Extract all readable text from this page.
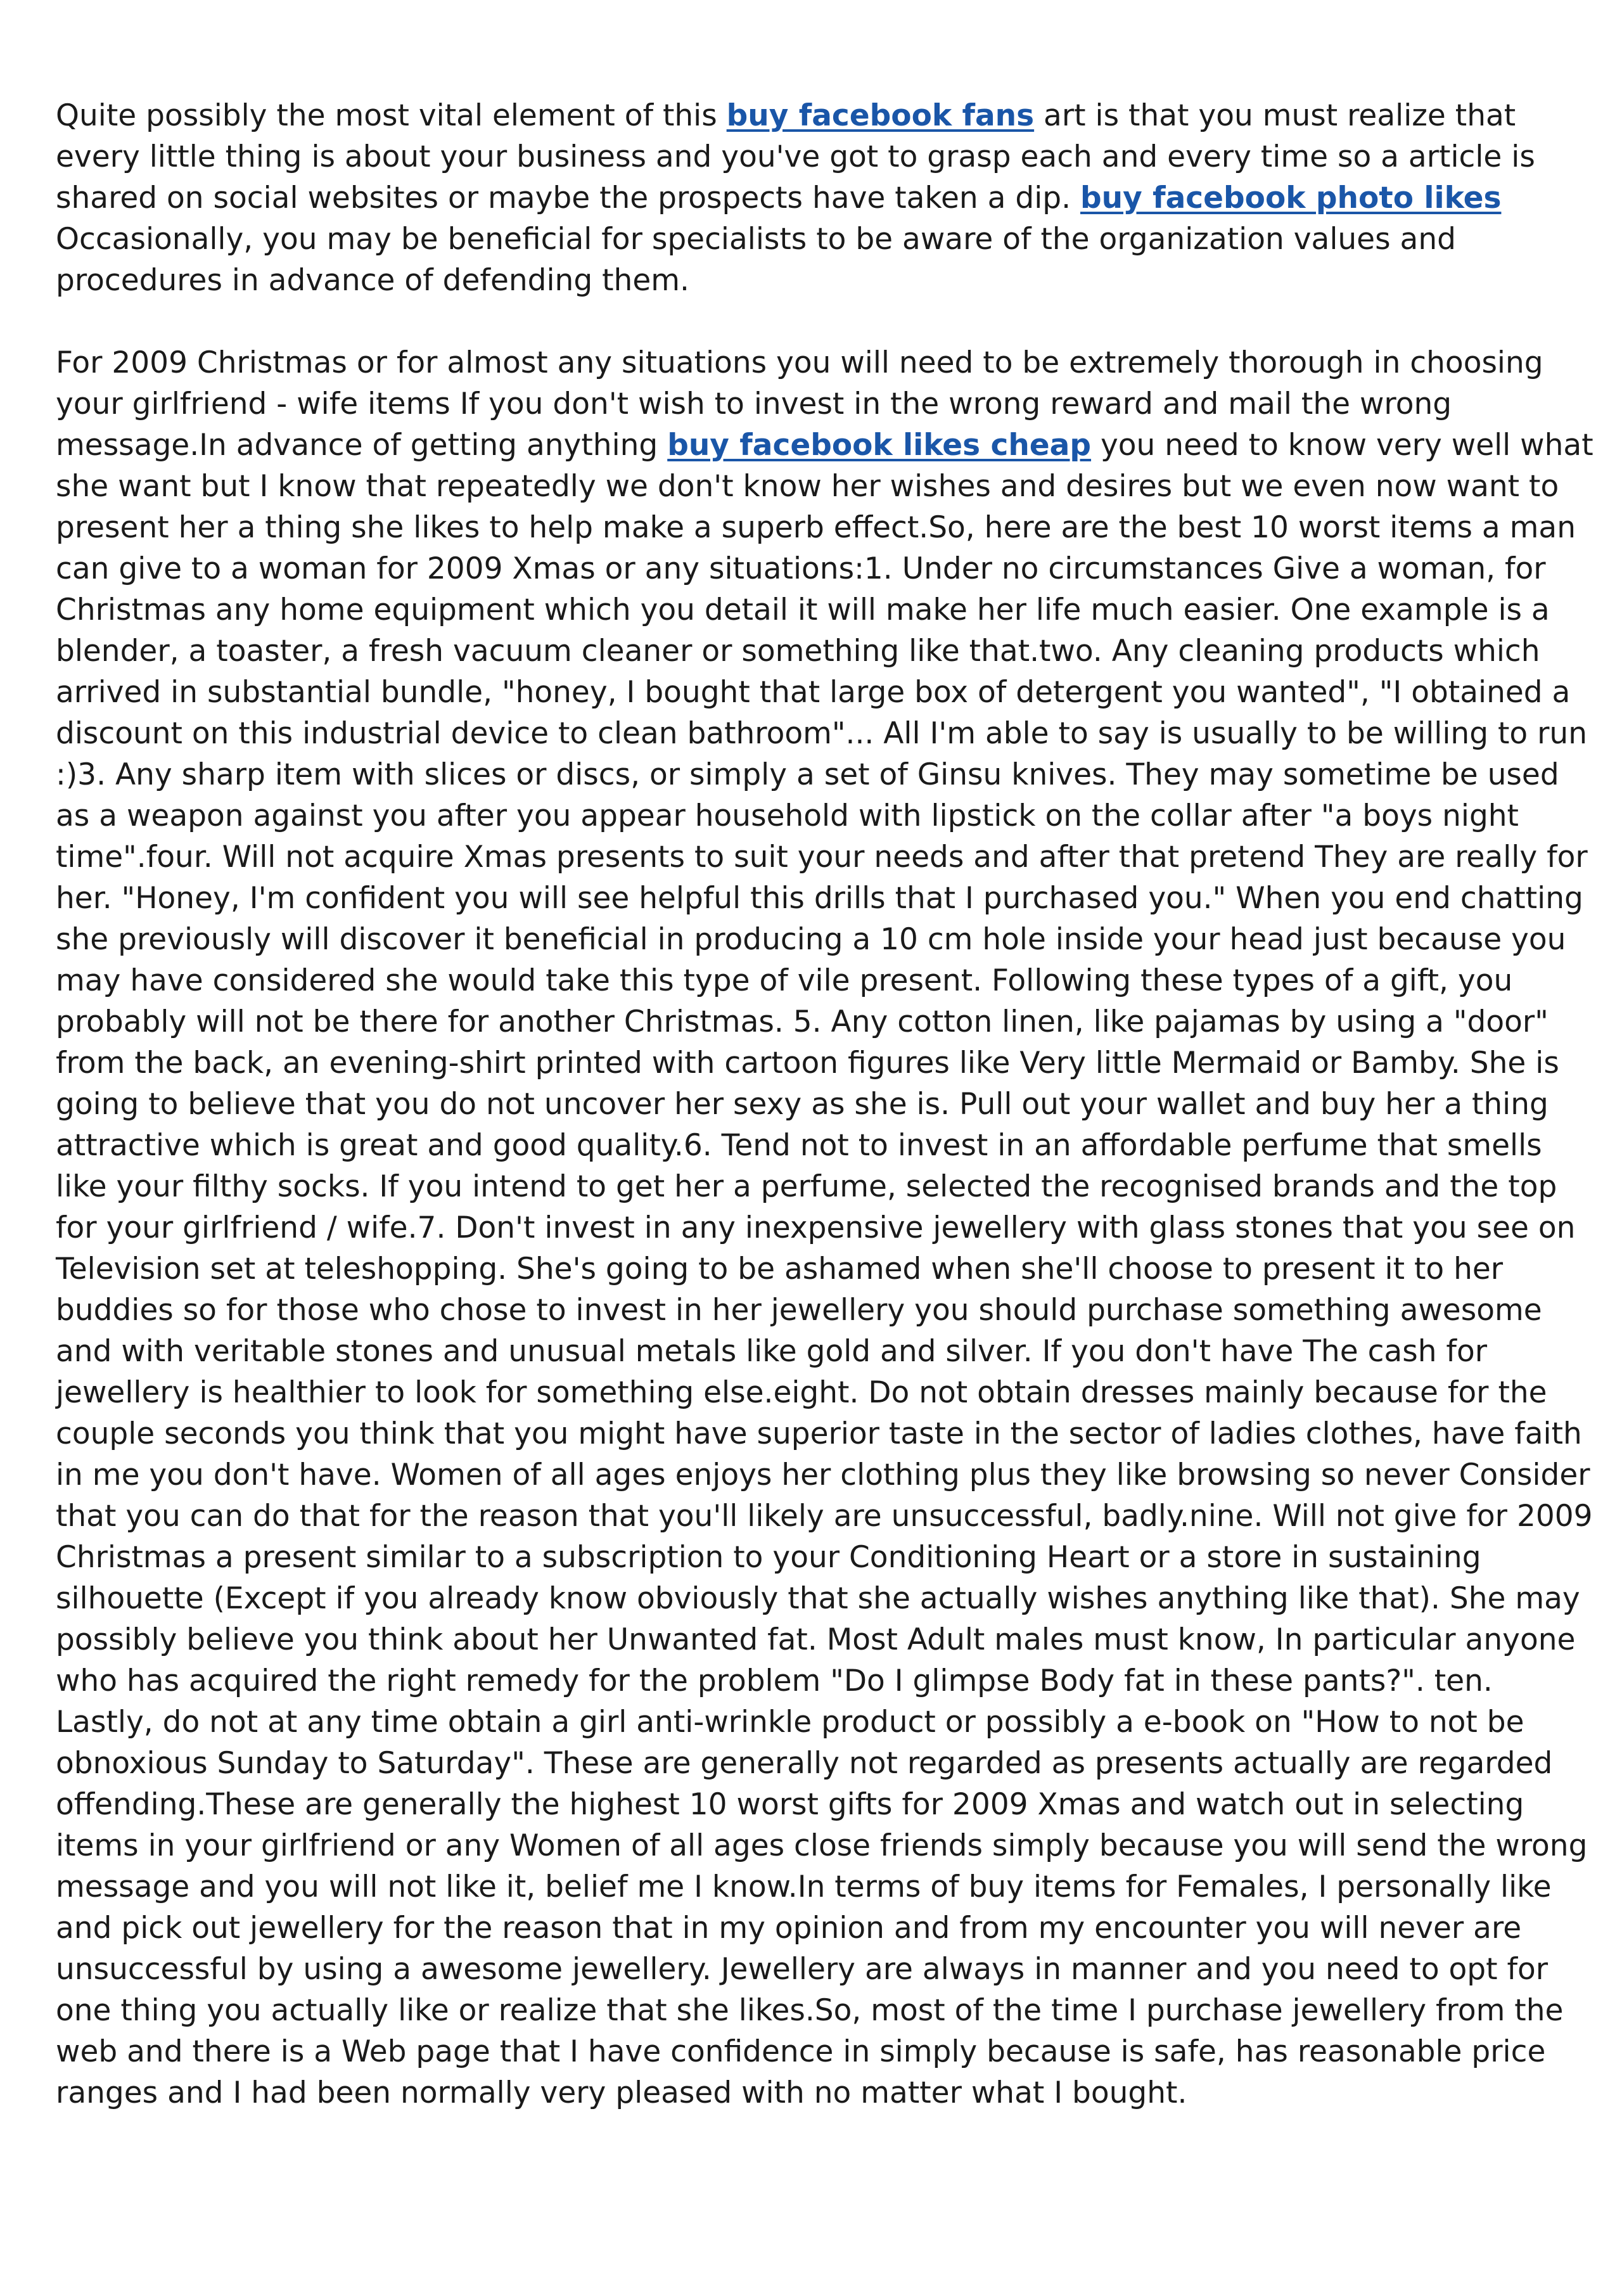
Quite possibly the most vital element of this buy facebook fans art is that you must realize that every little thing is about your business and you've got to grasp each and every time so a article is shared on social websites or maybe the prospects have taken a dip. buy facebook photo likes Occasionally, you may be beneficial for specialists to be aware of the organization values and procedures in advance of defending them.

For 2009 Christmas or for almost any situations you will need to be extremely thorough in choosing your girlfriend - wife items If you don't wish to invest in the wrong reward and mail the wrong message.In advance of getting anything buy facebook likes cheap you need to know very well what she want but I know that repeatedly we don't know her wishes and desires but we even now want to present her a thing she likes to help make a superb effect.So, here are the best 10 worst items a man can give to a woman for 2009 Xmas or any situations:1. Under no circumstances Give a woman, for Christmas any home equipment which you detail it will make her life much easier. One example is a blender, a toaster, a fresh vacuum cleaner or something like that.two. Any cleaning products which arrived in substantial bundle, "honey, I bought that large box of detergent you wanted", "I obtained a discount on this industrial device to clean bathroom"... All I'm able to say is usually to be willing to run :)3. Any sharp item with slices or discs, or simply a set of Ginsu knives. They may sometime be used as a weapon against you after you appear household with lipstick on the collar after "a boys night time".four. Will not acquire Xmas presents to suit your needs and after that pretend They are really for her. "Honey, I'm confident you will see helpful this drills that I purchased you." When you end chatting she previously will discover it beneficial in producing a 10 cm hole inside your head just because you may have considered she would take this type of vile present. Following these types of a gift, you probably will not be there for another Christmas. 5. Any cotton linen, like pajamas by using a "door" from the back, an evening-shirt printed with cartoon figures like Very little Mermaid or Bamby. She is going to believe that you do not uncover her sexy as she is. Pull out your wallet and buy her a thing attractive which is great and good quality.6. Tend not to invest in an affordable perfume that smells like your filthy socks. If you intend to get her a perfume, selected the recognised brands and the top for your girlfriend / wife.7. Don't invest in any inexpensive jewellery with glass stones that you see on Television set at teleshopping. She's going to be ashamed when she'll choose to present it to her buddies so for those who chose to invest in her jewellery you should purchase something awesome and with veritable stones and unusual metals like gold and silver. If you don't have The cash for jewellery is healthier to look for something else.eight. Do not obtain dresses mainly because for the couple seconds you think that you might have superior taste in the sector of ladies clothes, have faith in me you don't have. Women of all ages enjoys her clothing plus they like browsing so never Consider that you can do that for the reason that you'll likely are unsuccessful, badly.nine. Will not give for 2009 Christmas a present similar to a subscription to your Conditioning Heart or a store in sustaining silhouette (Except if you already know obviously that she actually wishes anything like that). She may possibly believe you think about her Unwanted fat. Most Adult males must know, In particular anyone who has acquired the right remedy for the problem "Do I glimpse Body fat in these pants?". ten. Lastly, do not at any time obtain a girl anti-wrinkle product or possibly a e-book on "How to not be obnoxious Sunday to Saturday". These are generally not regarded as presents actually are regarded offending.These are generally the highest 10 worst gifts for 2009 Xmas and watch out in selecting items in your girlfriend or any Women of all ages close friends simply because you will send the wrong message and you will not like it, belief me I know.In terms of buy items for Females, I personally like and pick out jewellery for the reason that in my opinion and from my encounter you will never are unsuccessful by using a awesome jewellery. Jewellery are always in manner and you need to opt for one thing you actually like or realize that she likes.So, most of the time I purchase jewellery from the web and there is a Web page that I have confidence in simply because is safe, has reasonable price ranges and I had been normally very pleased with no matter what I bought.
